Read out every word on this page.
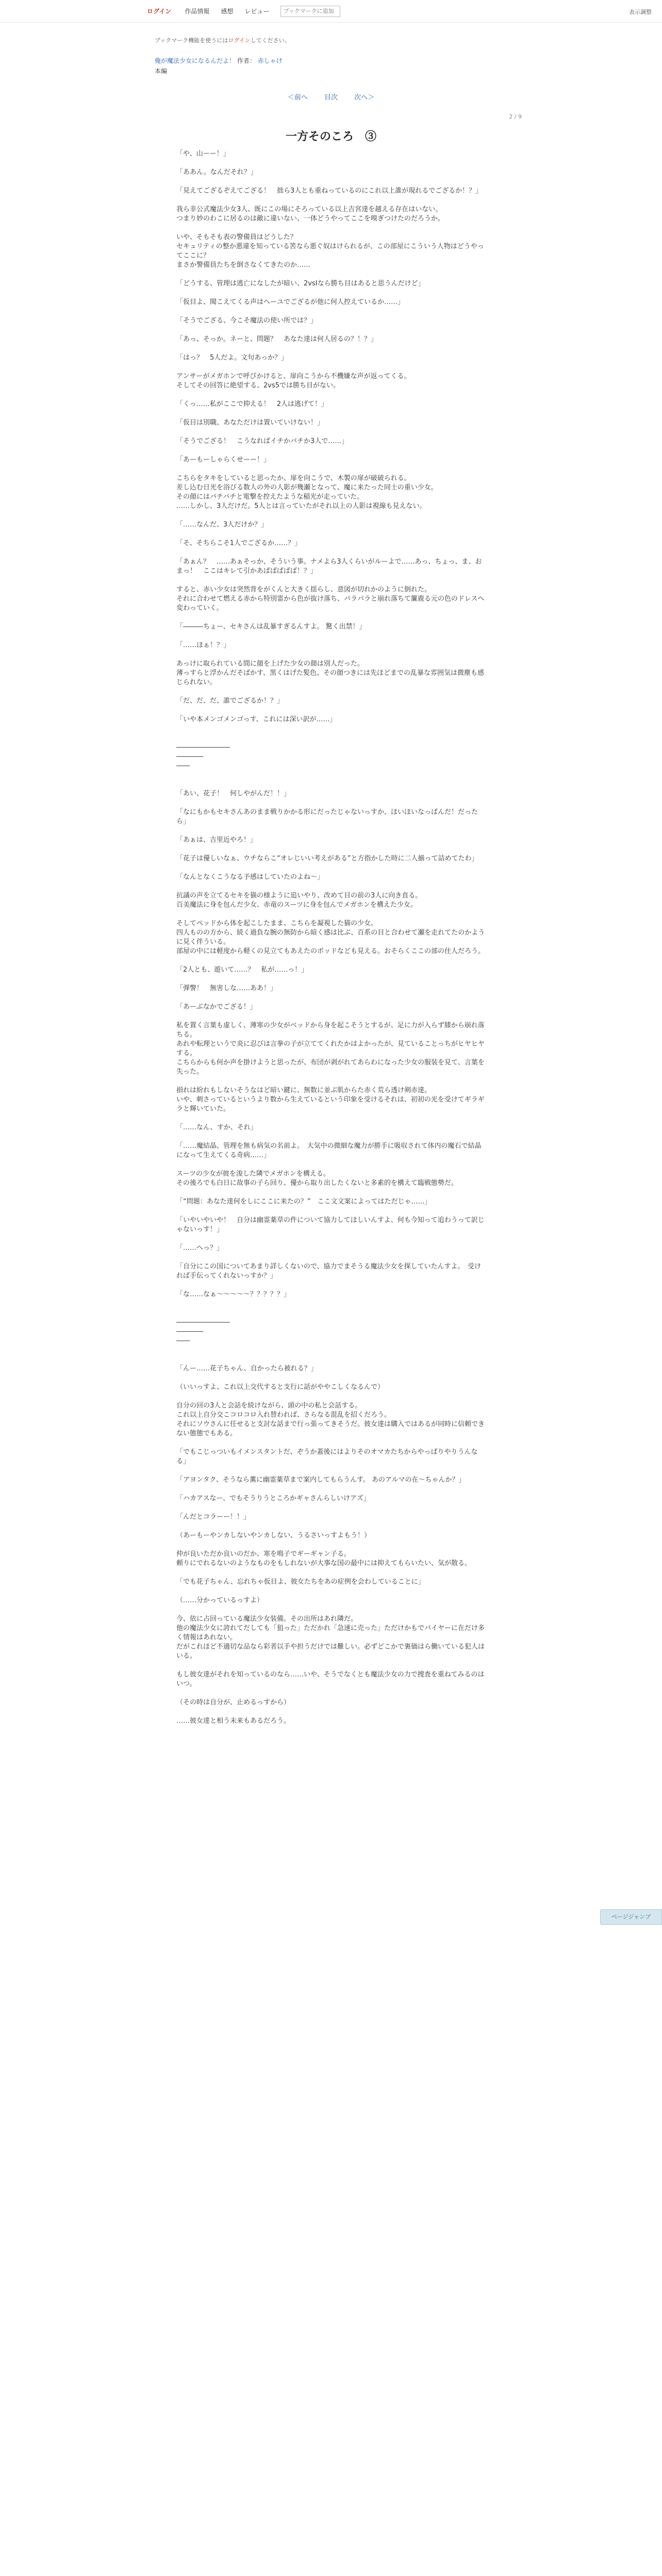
ログイン 作品情報 感想 レビュー
ブックマークに追加	表示調整
ブックマーク機能を使うにはログインしてください。
俺が魔法少女になるんだよ！ 作者： 赤しゃけ
本編
＜前へ 目次 次へ＞
2 / 9
一方そのころ　③

「や、山ーー！」

「ああん。なんだそれ？」

「見えてござるぞえてござる！　拙ら3人とも重ねっているのにこれ以上誰が現れるでござるか！？」

我ら非公式魔法少女3人、既にこの場にそろっている以上吉宮達を越える存在はいない。

つまり妙のわこに居るのは敵に違いない、一体どうやってここを嗅ぎつけたのだろうか。

いや、そもそも表の警備員はどうした？

セキュリティの整か悪違を知っている筈なら悪ぐ奴はけられるが、この部屋にこういう人物はどうやってここに？

まさか警備員たちを倒さなくてきたのか……

「どうする、管理は逃亡になしたが暗い、2vsIなら勝ち目はあると思うんだけど」

「仮目よ、聞こえてくる声はへーユでござるが他に何人控えているか……」

「そうでござる、今こそ魔法の使い所では？」

「あっ、そっか。ネーと、問題？　あなた達は何人居るの？！？」

「はっ？　5人だよ。文句あっか？」

アンサーがメガホンで呼びかけると、扉向こうから不機嫌な声が返ってくる。

そしてその回答に絶望する、2vs5では勝ち目がない。

「くっ……私がここで抑える！　2人は逃げて！」

「仮目は別職、あなただけは置いていけない！」

「そうでござる！　こうなればイチかバチか3人で……」

「あーもーしゃらくせーー！」

こちらをタキをしていると思ったか、扉を向こうで、木製の扉が破破られる。

差し込む日光を浴びる数人の外の人影が幾瀬となって、魔に来たった同士の重い少女。

その顔にはバチバチと電撃を控えたような稲光が走っていた。

……しかし、3人だけだ。5人とは言っていたがそれ以上の人影は視線も見えない。

「……なんだ、3人だけか？」

「そ、そちらこそ1人でござるか……？」

「あぁん？　……あぁそっか、そういう事。ナメよら3人くらいがルーよで……あっ、ちょっ、ま、おまっ！　ここはキレて引かあばばばばば！？」

すると、赤い少女は突然背をがくんと大きく揺らし、意図が切れかのように倒れた。

それに合わせて燃える赤から特別霊から色が抜け落ち、パラパラと崩れ落ちて簾鹿る元の色のドレスへ変わっていく。

「―――ちょー、セキさんは乱暴すぎるんすよ。 驚く出禁！」

「……ほぁ！？」

あっけに取られている間に顔を上げた少女の顔は別人だった。

薄っすらと浮かんだそばかす、黒くはげた髪色、その顔つきには先ほどまでの乱暴な雰囲気は微塵も感じられない。

「だ、だ、だ、誰でござるか！？」

「いや本メンゴメンゴっす、これには深い訳が……」

――――――――

――――

――

「あい、花子！　何しやがんだ！！」

「なにもかもセキさんあのまま戦りかかる形にだったじゃないっすか、ほいほいなっぱんだ！だったら」

「あぁは、吉里近やろ！」

「花子は優しいなぁ、ウチならこ“オレじいい考えがある”と方指かした時に二人揃って詰めてたわ」

「なんとなくこうなる予感はしていたのよね～」

抗議の声を立てるセキを猫の様ように追いやり、改めて目の前の3人に向き直る。

百美魔法に身を包んだ少女、赤竜のスーツに身を包んでメガホンを構えた少女。

そしてペッドから体を起こしたまま、こちらを凝視した猫の少女。

四人ものの方から、続く過負な腕の無防から暗く感は比ぶ、百系の目と合わせて瀬を走れてたのかように見く伴ういる。

部屋の中には軽度から軽くの見立てもあえたのポッドなども見える。おそらくここの部の住人だろう。

「2人とも、遊いて……？　私が……っ！」

「弾警！　無害しな……ああ！」

「あーぶなかでござる！」

私を置く言葉も虚しく、薄寒の少女がベッドから身を起こそうとするが、足に力が入らず膝から崩れ落ちる。

あれや転理というで炎に忍びは言拳の子が立ててくれたかはよかったが、見ていることっちがヒヤヒヤする。

こちらからも何か声を掛けようと思ったが、布団が剥がれてあらわになった少女の服装を見て、言葉を失った。

損れは紛れもしないそうなはど暗い鍵に、無数に並ぶ肌からた赤く荒ら透け剣赤達。

いや、刺さっているというより数から生えているという印象を受けるそれは、初初の光を受けてギラギラと輝いていた。

「……なん、すか、それ」

「……魔結晶、管理を無も病気の名前よ。　大気中の微細な魔力が勝手に吸収されて体内の魔石で結晶になって生えてくる奇病……」

スーツの少女が彼を浚した隣でメガホンを構える。

その後ろでも白日に故事の子ら回り、優から取り出したくないと多素的を構えて臨戦態勢だ。

「“問題：あなた達何をしにここに来たの？”　ここ文文案によってはただじゃ……」

「いやいやいや！　自分は幽霊薬草の件について協力してほしいんすよ、何も今知って追わうって訳じゃないっす！」

「……へっ？」

「自分にこの国についてあまり詳しくないので、協力でまそうる魔法少女を探していたんすよ。　受ければ手伝ってくれないっすか？」

「な……なぁ～～～～～？？？？？」

――――――――

――――

――

「んー……花子ちゃん、自かったら被れる？」

（いいっすよ、これ以上交代すると支行に話がややこしくなるんで）

自分の回の3人と会話を続けながら、頭の中の私と会話する。

これ以上自分交こコロコロ入れ替われば、さらなる混乱を招くだろう。

それにソウさんに任せると支討な話まで行っ張ってきそうだ。彼女達は購入ではあるが同時に信頼できない態態でもある。

「でもこじっついもイメンスタントだ、ぞうか蓋後にはよりそのオマカたちからやっぱりやりうんなる」

「アヨンタク、そうなら薫に幽霊薬草まで案内してもらうんす。 あのアルマの在〜ちゃんか？」

「ハカアスなー、でもそうりうところかギャさんらしいけアズ」

「んだとコラーー！！」

（あーもーやンカしないやンカしない、うるさいっすよもう！）

仲が良いただか良いのだか、寒を鳴子でギーギャン子る。

頼りにでれるないのようなものをもしれないが大事な国の最中には抑えてもらいたい、気が散る。

「でも花子ちゃん、忘れちゃ仮目よ、彼女たちをあの症例を会わしていることに」

（……分かっているっすよ）

今、依に占回っている魔法少女装備。その出所はあれ隣だ。

他の魔法少女に誇れてだしても「狙った」ただかれ「急速に売った」ただけかもでパイヤーに在だけ多く情報はあれない。

だがこれほど不適切な品なら彩者以手や担うだけでは難しい。必ずどこかで裏価はら働いている犯人はいる。

もし彼女達がそれを知っているのなら……いや、そうでなくとも魔法少女の力で捜査を重ねてみるのはいつ。

（その時は自分が、止めるっすから）

……彼女達と相う未来もあるだろう。

ページジャンプ
